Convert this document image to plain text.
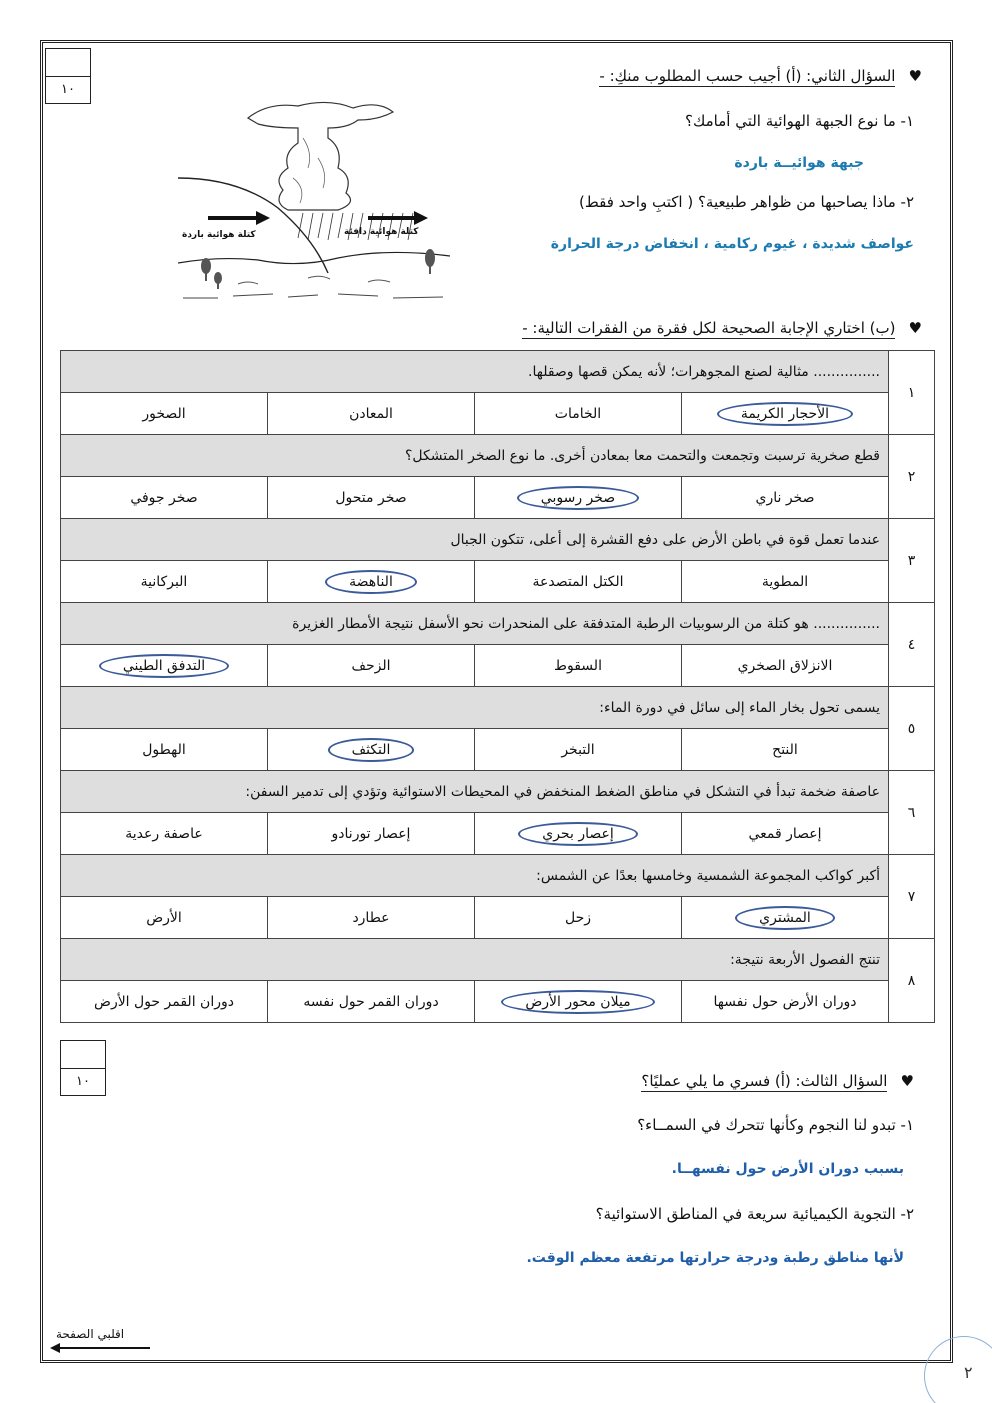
١٠
♥ السؤال الثاني: (أ) أجيب حسب المطلوب منكِ: -
١- ما نوع الجبهة الهوائية التي أمامك؟
جبهة هوائيــة باردة
٢- ماذا يصاحبها من ظواهر طبيعية؟ ( اكتبِ واحد فقط)
عواصف شديدة ، غيوم ركامية ، انخفاض درجة الحرارة
كتلة هوائية باردة	كتلة هوائية دافئة
♥ (ب) اختاري الإجابة الصحيحة لكل فقرة من الفقرات التالية: -
١	............... مثالية لصنع المجوهرات؛ لأنه يمكن قصها وصقلها.			
	الأحجار الكريمة	الخامات	المعادن	الصخور
٢	قطع صخرية ترسبت وتجمعت والتحمت معا بمعادن أخرى. ما نوع الصخر المتشكل؟			
	صخر ناري	صخر رسوبي	صخر متحول	صخر جوفي
٣	عندما تعمل قوة في باطن الأرض على دفع القشرة إلى أعلى، تتكون الجبال			
	المطوية	الكتل المتصدعة	الناهضة	البركانية
٤	............... هو كتلة من الرسوبيات الرطبة المتدفقة على المنحدرات نحو الأسفل نتيجة الأمطار الغزيرة			
	الانزلاق الصخري	السقوط	الزحف	التدفق الطيني
٥	يسمى تحول بخار الماء إلى سائل في دورة الماء:			
	النتح	التبخر	التكثف	الهطول
٦	عاصفة ضخمة تبدأ في التشكل في مناطق الضغط المنخفض في المحيطات الاستوائية وتؤدي إلى تدمير السفن:			
	إعصار قمعي	إعصار بحري	إعصار تورنادو	عاصفة رعدية
٧	أكبر كواكب المجموعة الشمسية وخامسها بعدًا عن الشمس:			
	المشتري	زحل	عطارد	الأرض
٨	تنتج الفصول الأربعة نتيجة:			
	دوران الأرض حول نفسها	ميلان محور الأرض	دوران القمر حول نفسه	دوران القمر حول الأرض
١٠	♥ السؤال الثالث: (أ) فسري ما يلي عمليًا؟
١- تبدو لنا النجوم وكأنها تتحرك في السمــاء؟
بسبب دوران الأرض حول نفسهــا.
٢- التجوية الكيميائية سريعة في المناطق الاستوائية؟
لأنها مناطق رطبة ودرجة حرارتها مرتفعة معظم الوقت.
اقلبي الصفحة
٢
